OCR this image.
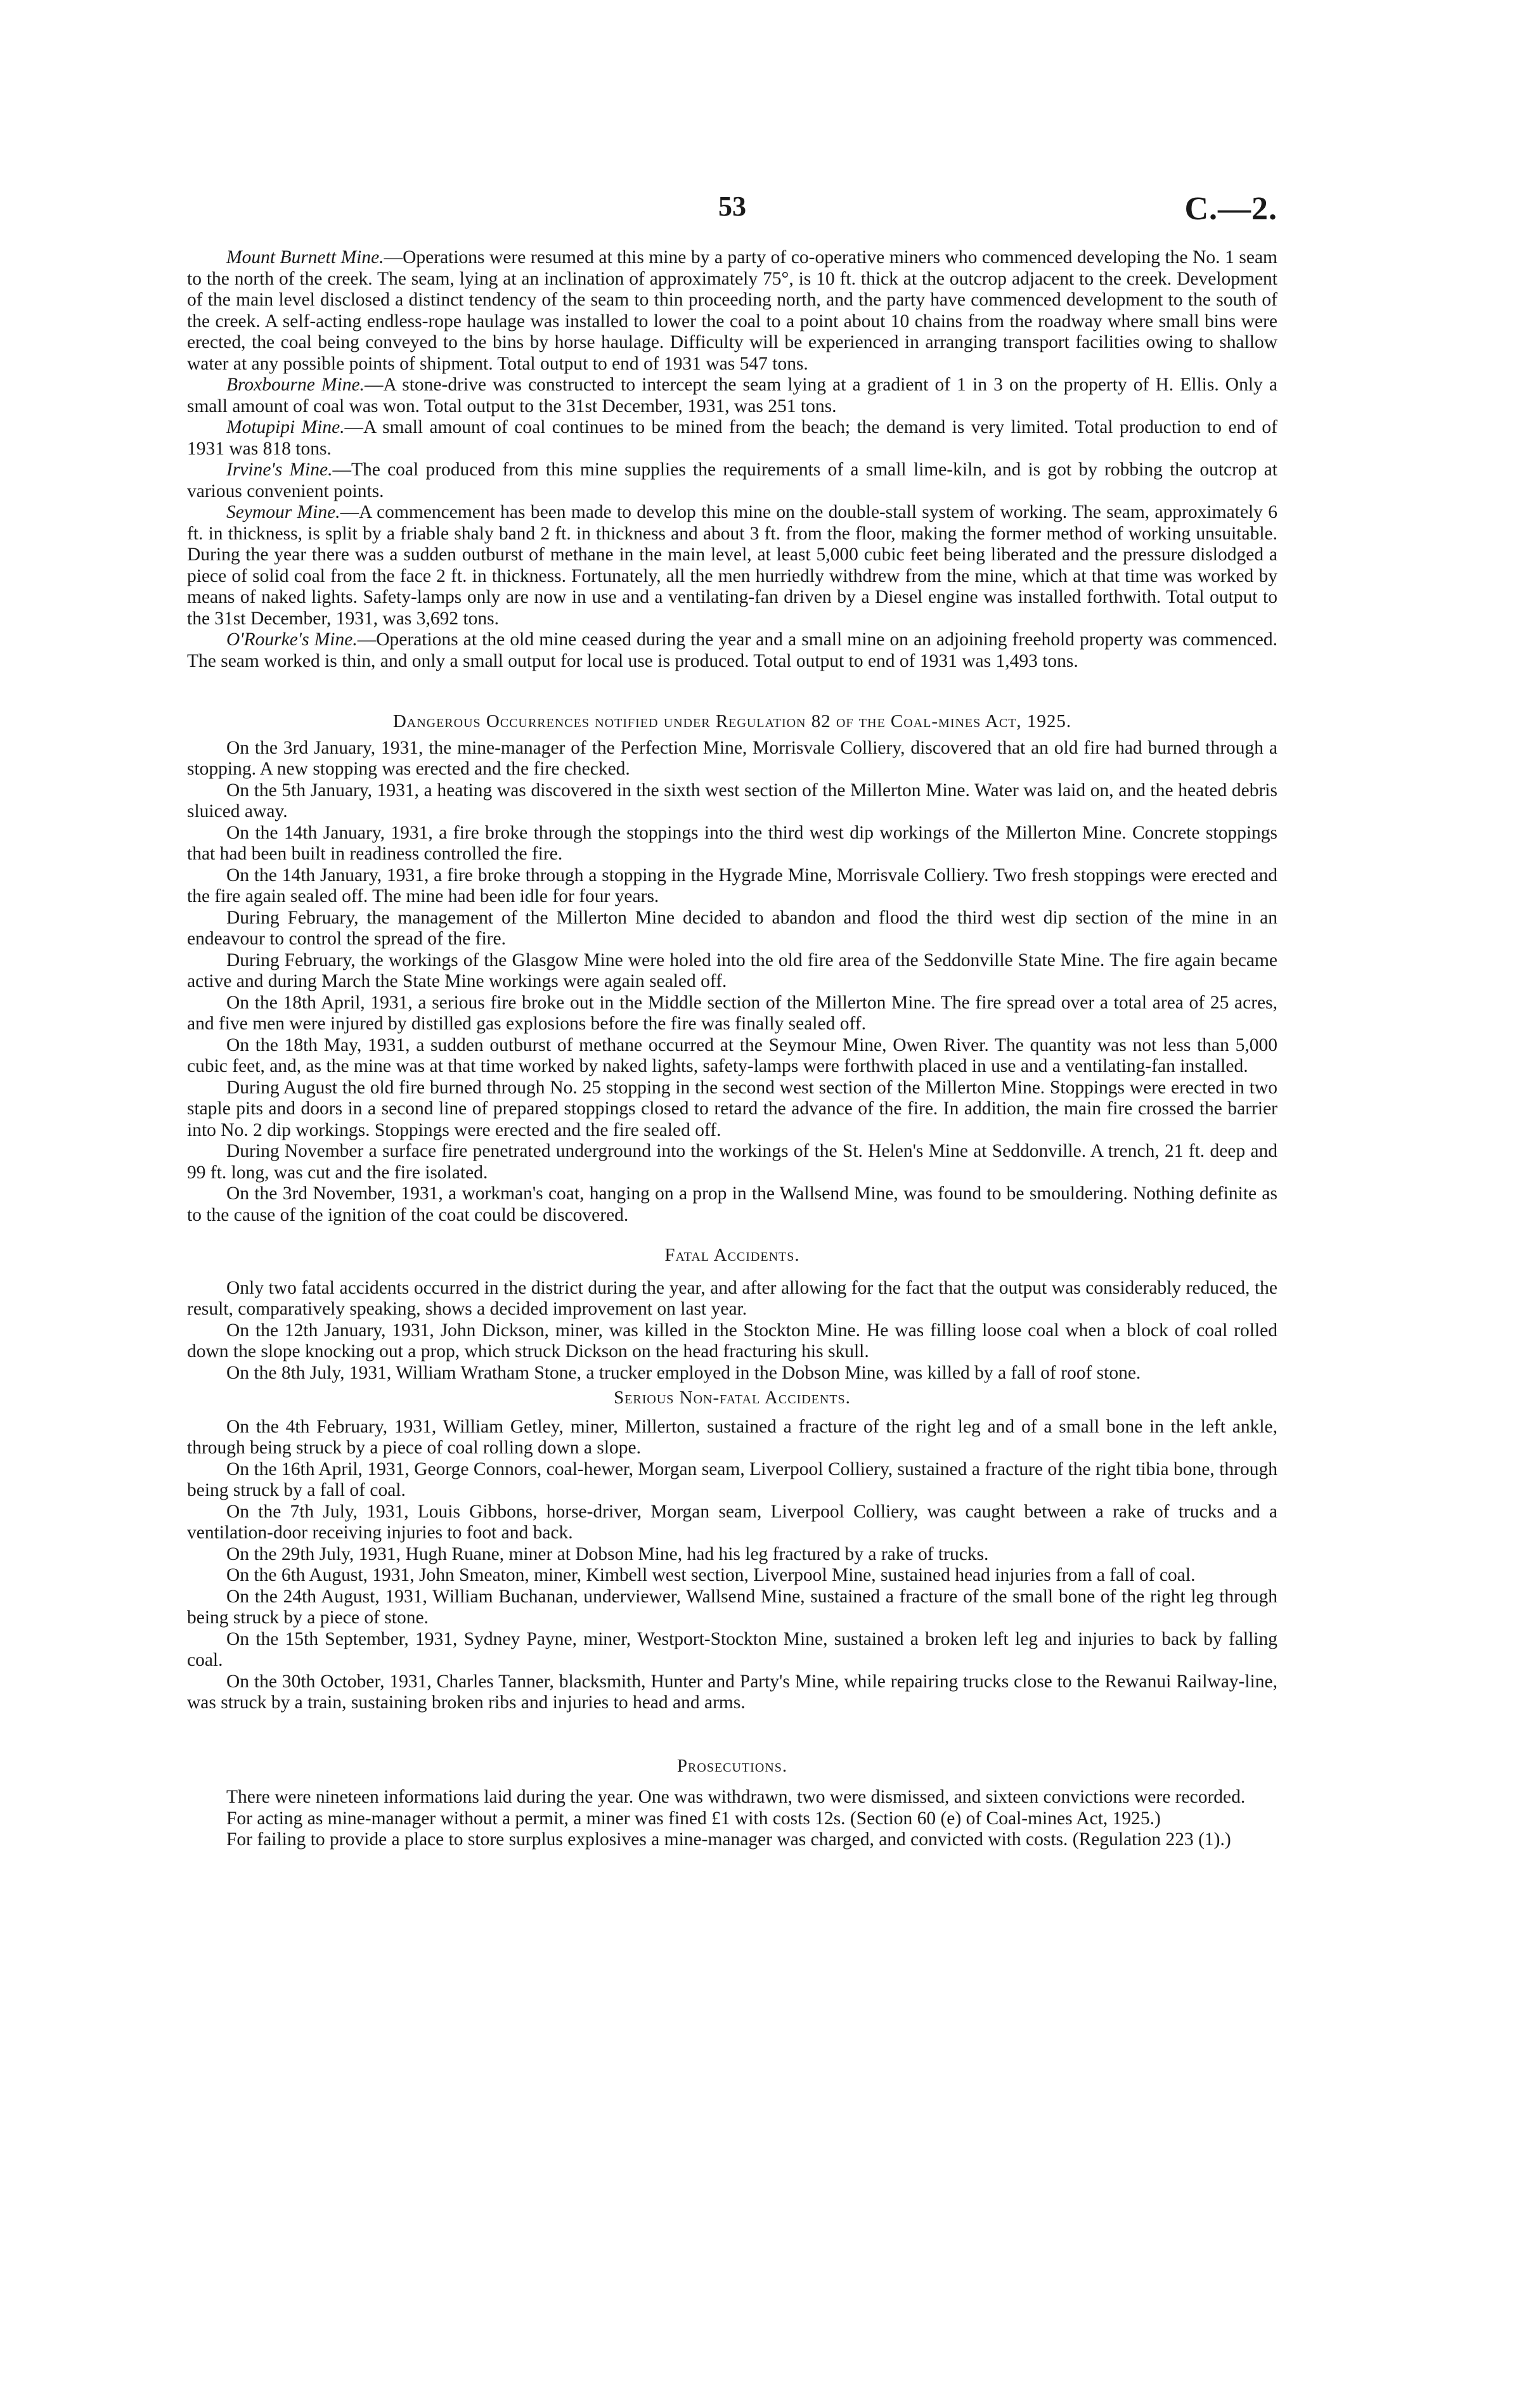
53	C.—2.

Mount Burnett Mine.—Operations were resumed at this mine by a party of co-operative miners who commenced developing the No. 1 seam to the north of the creek. The seam, lying at an inclination of approximately 75°, is 10 ft. thick at the outcrop adjacent to the creek. Development of the main level disclosed a distinct tendency of the seam to thin proceeding north, and the party have commenced development to the south of the creek. A self-acting endless-rope haulage was installed to lower the coal to a point about 10 chains from the roadway where small bins were erected, the coal being conveyed to the bins by horse haulage. Difficulty will be experienced in arranging transport facilities owing to shallow water at any possible points of shipment. Total output to end of 1931 was 547 tons.

Broxbourne Mine.—A stone-drive was constructed to intercept the seam lying at a gradient of 1 in 3 on the property of H. Ellis. Only a small amount of coal was won. Total output to the 31st December, 1931, was 251 tons.

Motupipi Mine.—A small amount of coal continues to be mined from the beach; the demand is very limited. Total production to end of 1931 was 818 tons.

Irvine's Mine.—The coal produced from this mine supplies the requirements of a small lime-kiln, and is got by robbing the outcrop at various convenient points.

Seymour Mine.—A commencement has been made to develop this mine on the double-stall system of working. The seam, approximately 6 ft. in thickness, is split by a friable shaly band 2 ft. in thickness and about 3 ft. from the floor, making the former method of working unsuitable. During the year there was a sudden outburst of methane in the main level, at least 5,000 cubic feet being liberated and the pressure dislodged a piece of solid coal from the face 2 ft. in thickness. Fortunately, all the men hurriedly withdrew from the mine, which at that time was worked by means of naked lights. Safety-lamps only are now in use and a ventilating-fan driven by a Diesel engine was installed forthwith. Total output to the 31st December, 1931, was 3,692 tons.

O'Rourke's Mine.—Operations at the old mine ceased during the year and a small mine on an adjoining freehold property was commenced. The seam worked is thin, and only a small output for local use is produced. Total output to end of 1931 was 1,493 tons.

Dangerous Occurrences notified under Regulation 82 of the Coal-mines Act, 1925.

On the 3rd January, 1931, the mine-manager of the Perfection Mine, Morrisvale Colliery, discovered that an old fire had burned through a stopping. A new stopping was erected and the fire checked.

On the 5th January, 1931, a heating was discovered in the sixth west section of the Millerton Mine. Water was laid on, and the heated debris sluiced away.

On the 14th January, 1931, a fire broke through the stoppings into the third west dip workings of the Millerton Mine. Concrete stoppings that had been built in readiness controlled the fire.

On the 14th January, 1931, a fire broke through a stopping in the Hygrade Mine, Morrisvale Colliery. Two fresh stoppings were erected and the fire again sealed off. The mine had been idle for four years.

During February, the management of the Millerton Mine decided to abandon and flood the third west dip section of the mine in an endeavour to control the spread of the fire.

During February, the workings of the Glasgow Mine were holed into the old fire area of the Seddonville State Mine. The fire again became active and during March the State Mine workings were again sealed off.

On the 18th April, 1931, a serious fire broke out in the Middle section of the Millerton Mine. The fire spread over a total area of 25 acres, and five men were injured by distilled gas explosions before the fire was finally sealed off.

On the 18th May, 1931, a sudden outburst of methane occurred at the Seymour Mine, Owen River. The quantity was not less than 5,000 cubic feet, and, as the mine was at that time worked by naked lights, safety-lamps were forthwith placed in use and a ventilating-fan installed.

During August the old fire burned through No. 25 stopping in the second west section of the Millerton Mine. Stoppings were erected in two staple pits and doors in a second line of prepared stoppings closed to retard the advance of the fire. In addition, the main fire crossed the barrier into No. 2 dip workings. Stoppings were erected and the fire sealed off.

During November a surface fire penetrated underground into the workings of the St. Helen's Mine at Seddonville. A trench, 21 ft. deep and 99 ft. long, was cut and the fire isolated.

On the 3rd November, 1931, a workman's coat, hanging on a prop in the Wallsend Mine, was found to be smouldering. Nothing definite as to the cause of the ignition of the coat could be discovered.

Fatal Accidents.

Only two fatal accidents occurred in the district during the year, and after allowing for the fact that the output was considerably reduced, the result, comparatively speaking, shows a decided improvement on last year.

On the 12th January, 1931, John Dickson, miner, was killed in the Stockton Mine. He was filling loose coal when a block of coal rolled down the slope knocking out a prop, which struck Dickson on the head fracturing his skull.

On the 8th July, 1931, William Wratham Stone, a trucker employed in the Dobson Mine, was killed by a fall of roof stone.

Serious Non-fatal Accidents.

On the 4th February, 1931, William Getley, miner, Millerton, sustained a fracture of the right leg and of a small bone in the left ankle, through being struck by a piece of coal rolling down a slope.

On the 16th April, 1931, George Connors, coal-hewer, Morgan seam, Liverpool Colliery, sustained a fracture of the right tibia bone, through being struck by a fall of coal.

On the 7th July, 1931, Louis Gibbons, horse-driver, Morgan seam, Liverpool Colliery, was caught between a rake of trucks and a ventilation-door receiving injuries to foot and back.

On the 29th July, 1931, Hugh Ruane, miner at Dobson Mine, had his leg fractured by a rake of trucks.

On the 6th August, 1931, John Smeaton, miner, Kimbell west section, Liverpool Mine, sustained head injuries from a fall of coal.

On the 24th August, 1931, William Buchanan, underviewer, Wallsend Mine, sustained a fracture of the small bone of the right leg through being struck by a piece of stone.

On the 15th September, 1931, Sydney Payne, miner, Westport-Stockton Mine, sustained a broken left leg and injuries to back by falling coal.

On the 30th October, 1931, Charles Tanner, blacksmith, Hunter and Party's Mine, while repairing trucks close to the Rewanui Railway-line, was struck by a train, sustaining broken ribs and injuries to head and arms.

Prosecutions.

There were nineteen informations laid during the year. One was withdrawn, two were dismissed, and sixteen convictions were recorded.

For acting as mine-manager without a permit, a miner was fined £1 with costs 12s. (Section 60 (e) of Coal-mines Act, 1925.)

For failing to provide a place to store surplus explosives a mine-manager was charged, and convicted with costs. (Regulation 223 (1).)
